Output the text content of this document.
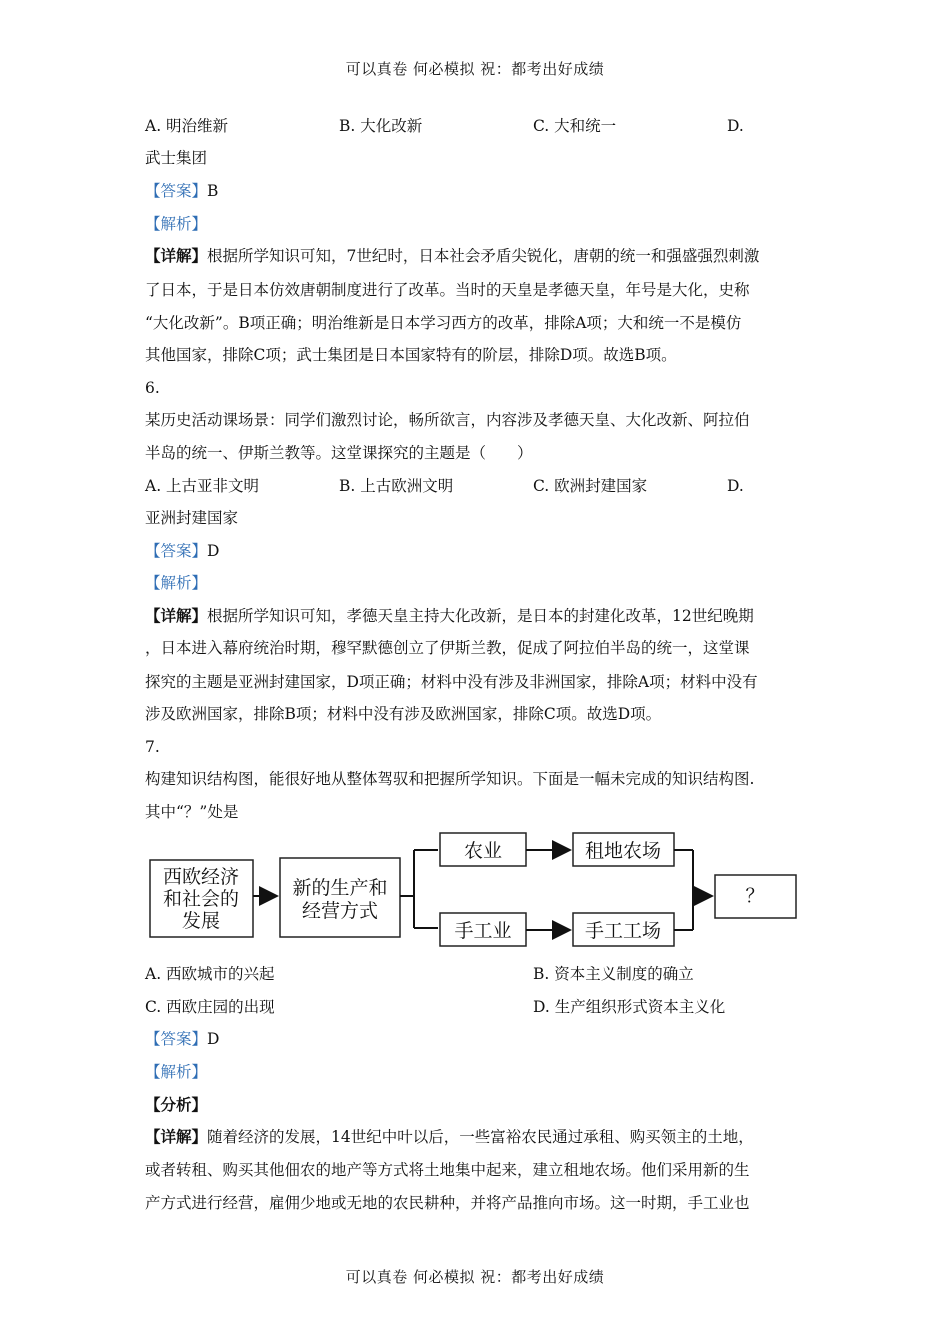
可以真卷 何必模拟 祝：都考出好成绩
A. 明治维新	B. 大化改新	C. 大和统一	D.
武士集团
【答案】B
【解析】
【详解】根据所学知识可知，7世纪时，日本社会矛盾尖锐化，唐朝的统一和强盛强烈刺激
了日本，于是日本仿效唐朝制度进行了改革。当时的天皇是孝德天皇，年号是大化，史称
“大化改新”。B项正确；明治维新是日本学习西方的改革，排除A项；大和统一不是模仿
其他国家，排除C项；武士集团是日本国家特有的阶层，排除D项。故选B项。
6.
某历史活动课场景：同学们激烈讨论，畅所欲言，内容涉及孝德天皇、大化改新、阿拉伯
半岛的统一、伊斯兰教等。这堂课探究的主题是（　　）
A. 上古亚非文明	B. 上古欧洲文明	C. 欧洲封建国家	D.
亚洲封建国家
【答案】D
【解析】
【详解】根据所学知识可知，孝德天皇主持大化改新，是日本的封建化改革，12世纪晚期
，日本进入幕府统治时期，穆罕默德创立了伊斯兰教，促成了阿拉伯半岛的统一，这堂课
探究的主题是亚洲封建国家，D项正确；材料中没有涉及非洲国家，排除A项；材料中没有
涉及欧洲国家，排除B项；材料中没有涉及欧洲国家，排除C项。故选D项。
7.
构建知识结构图，能很好地从整体驾驭和把握所学知识。下面是一幅未完成的知识结构图.
其中“？”处是
西欧经济
和社会的
发展
新的生产和
经营方式
农业	租地农场
手工业	手工工场
？
A. 西欧城市的兴起	B. 资本主义制度的确立
C. 西欧庄园的出现	D. 生产组织形式资本主义化
【答案】D
【解析】
【分析】
【详解】随着经济的发展，14世纪中叶以后，一些富裕农民通过承租、购买领主的土地，
或者转租、购买其他佃农的地产等方式将土地集中起来，建立租地农场。他们采用新的生
产方式进行经营，雇佣少地或无地的农民耕种，并将产品推向市场。这一时期，手工业也
可以真卷 何必模拟 祝：都考出好成绩
